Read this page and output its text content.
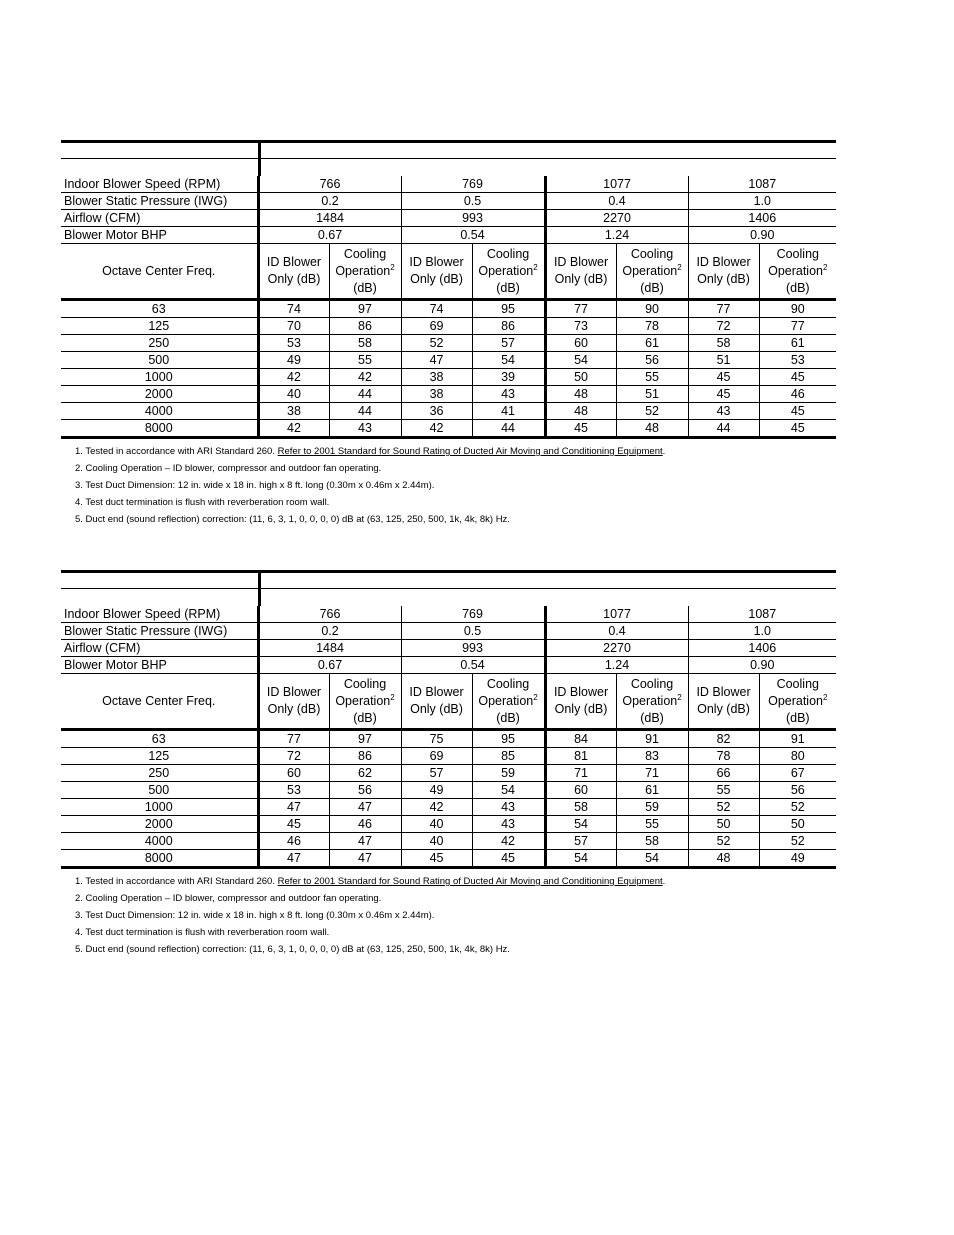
Indoor Blower Speed (RPM)	766		769		1077		1087	
Blower Static Pressure (IWG)	0.2		0.5		0.4		1.0	
Airflow (CFM)	1484		993		2270		1406	
Blower Motor BHP	0.67		0.54		1.24		0.90	
Octave Center Freq.	ID Blower
Only (dB)	Cooling
Operation$^2$
(dB)	ID Blower
Only (dB)	Cooling
Operation$^2$
(dB)	ID Blower
Only (dB)	Cooling
Operation$^2$
(dB)	ID Blower
Only (dB)	Cooling
Operation$^2$
(dB)
63	74	97	74	95	77	90	77	90
125	70	86	69	86	73	78	72	77
250	53	58	52	57	60	61	58	61
500	49	55	47	54	54	56	51	53
1000	42	42	38	39	50	55	45	45
2000	40	44	38	43	48	51	45	46
4000	38	44	36	41	48	52	43	45
8000	42	43	42	44	45	48	44	45
1. Tested in accordance with ARI Standard 260. Refer to 2001 Standard for Sound Rating of Ducted Air Moving and Conditioning Equipment.
2. Cooling Operation – ID blower, compressor and outdoor fan operating.
3. Test Duct Dimension: 12 in. wide x 18 in. high x 8 ft. long (0.30m x 0.46m x 2.44m).
4. Test duct termination is flush with reverberation room wall.
5. Duct end (sound reflection) correction: (11, 6, 3, 1, 0, 0, 0, 0) dB at (63, 125, 250, 500, 1k, 4k, 8k) Hz.
Indoor Blower Speed (RPM)	766		769		1077		1087	
Blower Static Pressure (IWG)	0.2		0.5		0.4		1.0	
Airflow (CFM)	1484		993		2270		1406	
Blower Motor BHP	0.67		0.54		1.24		0.90	
Octave Center Freq.	ID Blower
Only (dB)	Cooling
Operation$^2$
(dB)	ID Blower
Only (dB)	Cooling
Operation$^2$
(dB)	ID Blower
Only (dB)	Cooling
Operation$^2$
(dB)	ID Blower
Only (dB)	Cooling
Operation$^2$
(dB)
63	77	97	75	95	84	91	82	91
125	72	86	69	85	81	83	78	80
250	60	62	57	59	71	71	66	67
500	53	56	49	54	60	61	55	56
1000	47	47	42	43	58	59	52	52
2000	45	46	40	43	54	55	50	50
4000	46	47	40	42	57	58	52	52
8000	47	47	45	45	54	54	48	49
1. Tested in accordance with ARI Standard 260. Refer to 2001 Standard for Sound Rating of Ducted Air Moving and Conditioning Equipment.
2. Cooling Operation – ID blower, compressor and outdoor fan operating.
3. Test Duct Dimension: 12 in. wide x 18 in. high x 8 ft. long (0.30m x 0.46m x 2.44m).
4. Test duct termination is flush with reverberation room wall.
5. Duct end (sound reflection) correction: (11, 6, 3, 1, 0, 0, 0, 0) dB at (63, 125, 250, 500, 1k, 4k, 8k) Hz.
